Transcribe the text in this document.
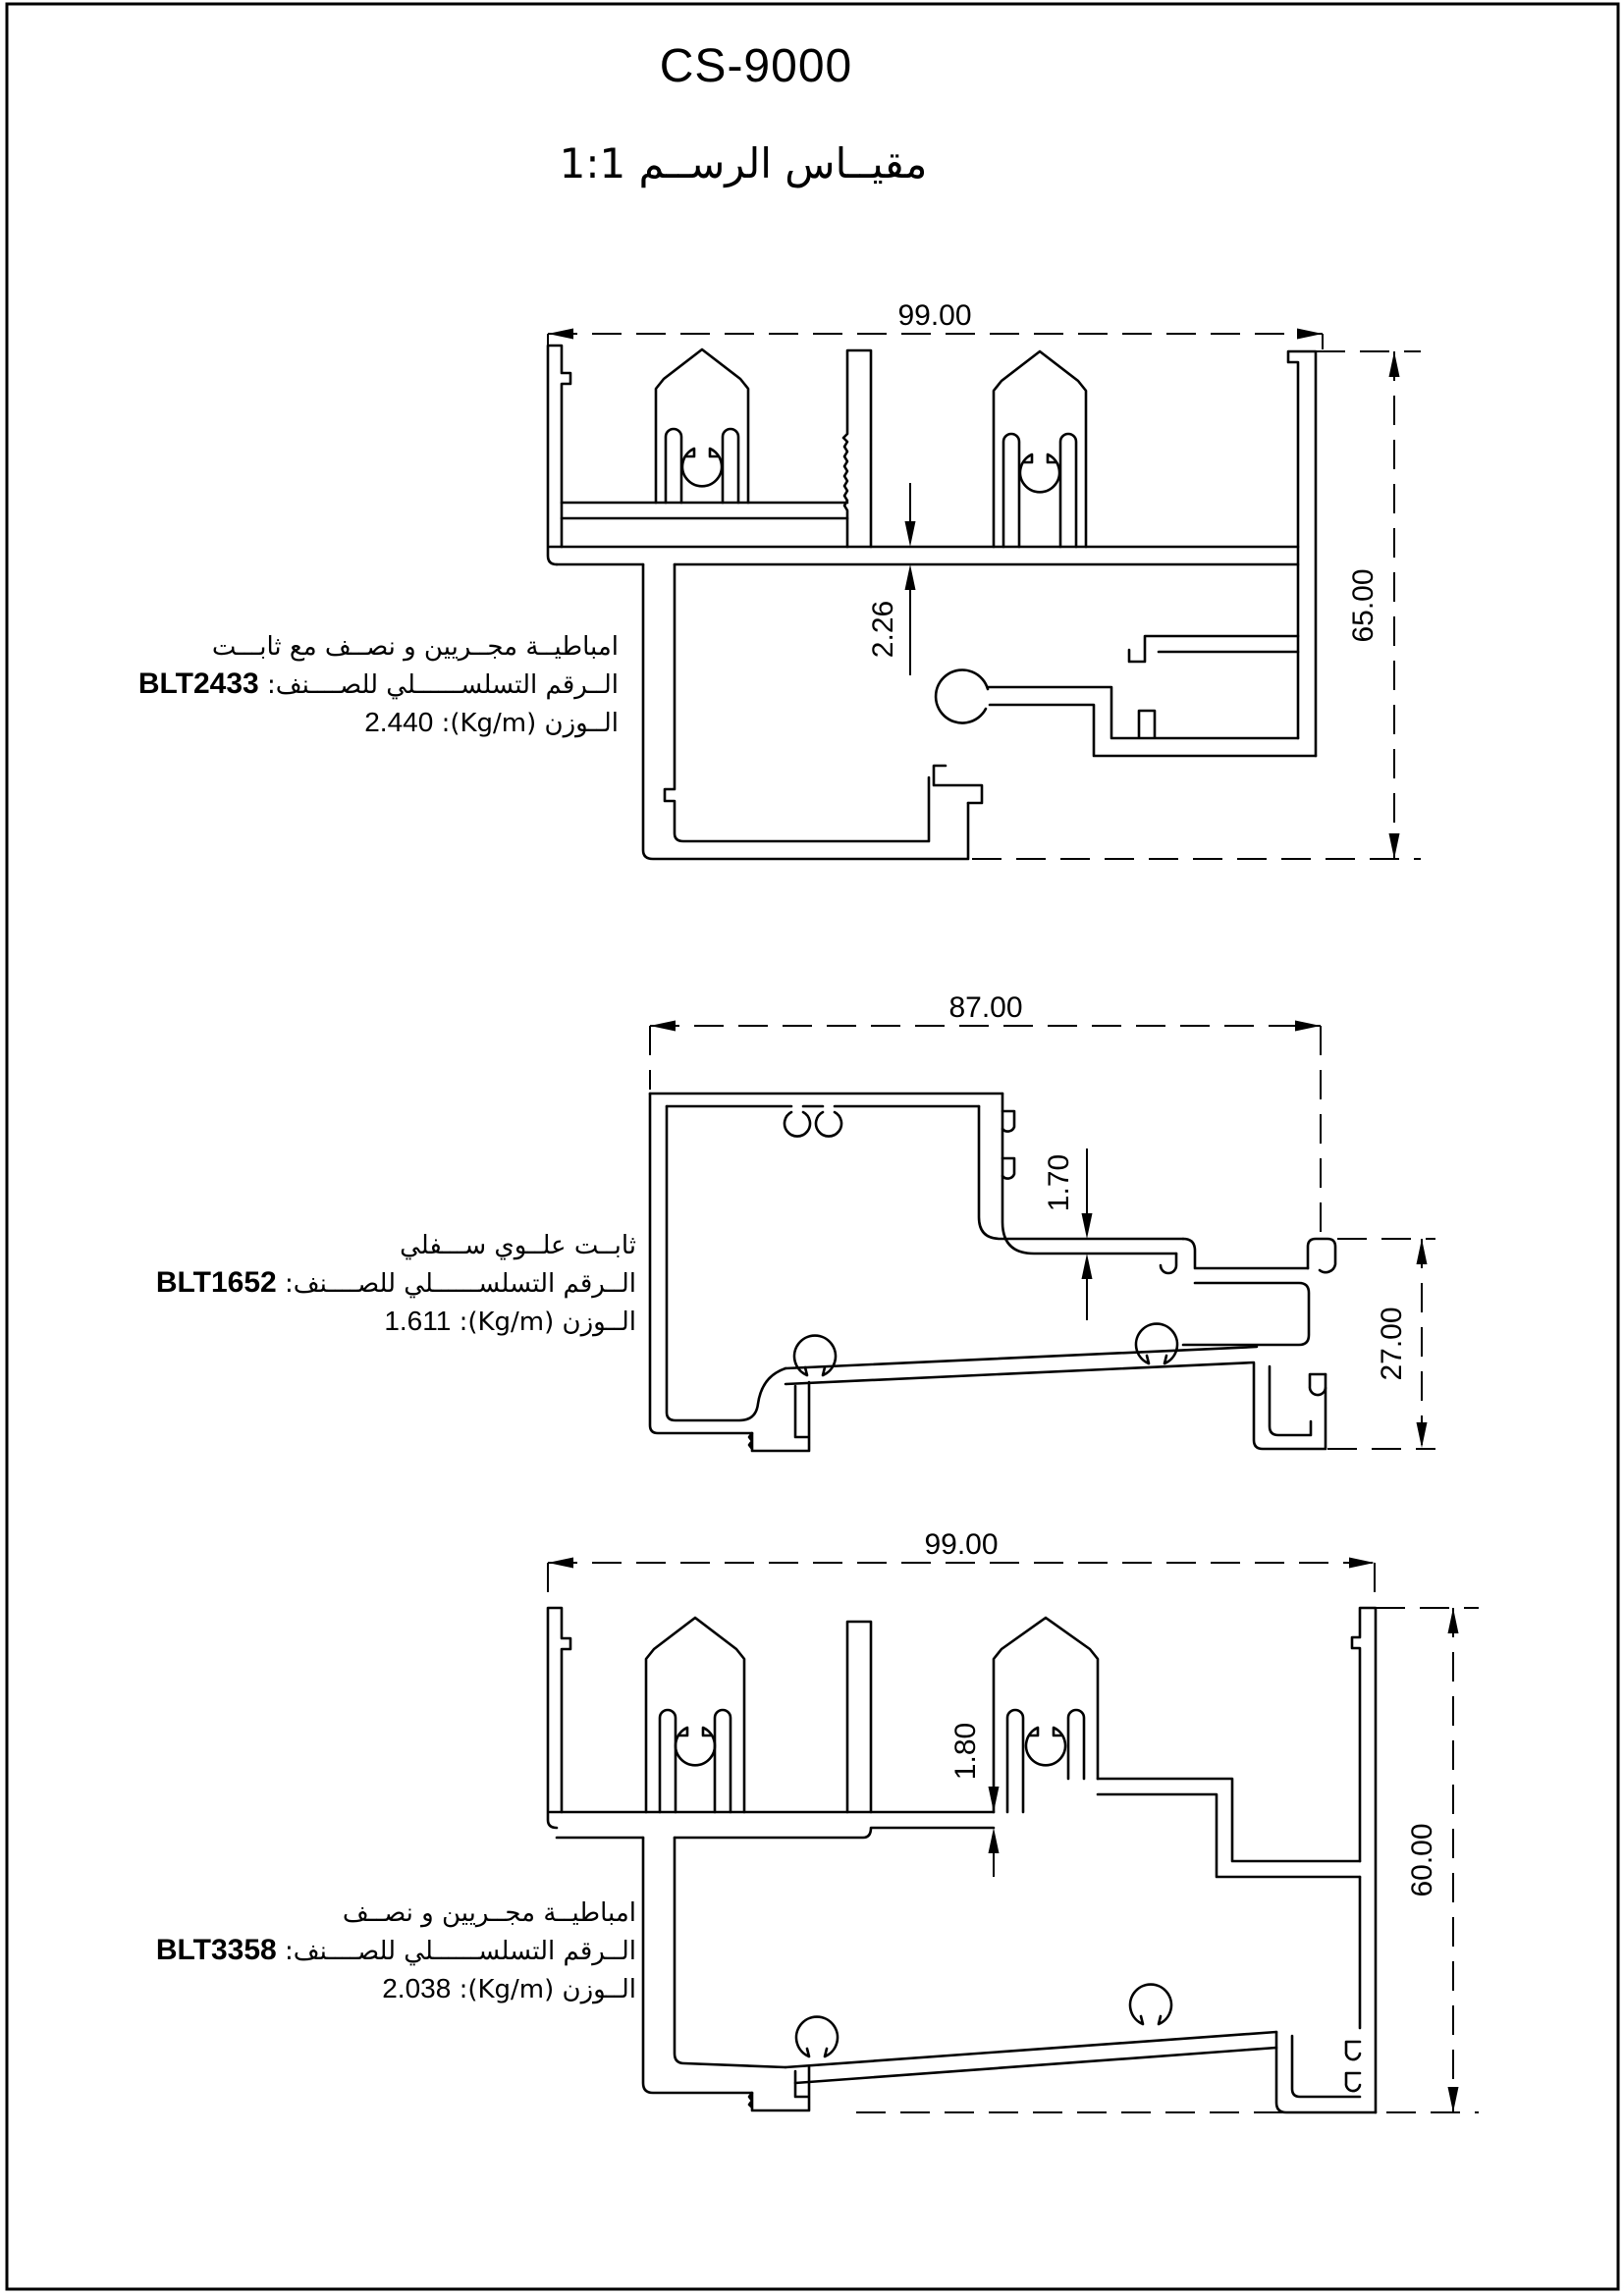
CS-9000
مقيــاس الرســم 1:1
امباطيــة مجــريين و نصــف مع ثابـــت
الــرقم التسلســــــلي للصــــنف: BLT2433
الــوزن (Kg/m): 2.440
ثابــت علــوي ســـفلي
الــرقم التسلســــــلي للصــــنف: BLT1652
الــوزن (Kg/m): 1.611
امباطيــة مجــريين و نصــف
الــرقم التسلســــــلي للصــــنف: BLT3358
الــوزن (Kg/m): 2.038
99.00
65.00
2.26
87.00
27.00
1.70
99.00
60.00
1.80
